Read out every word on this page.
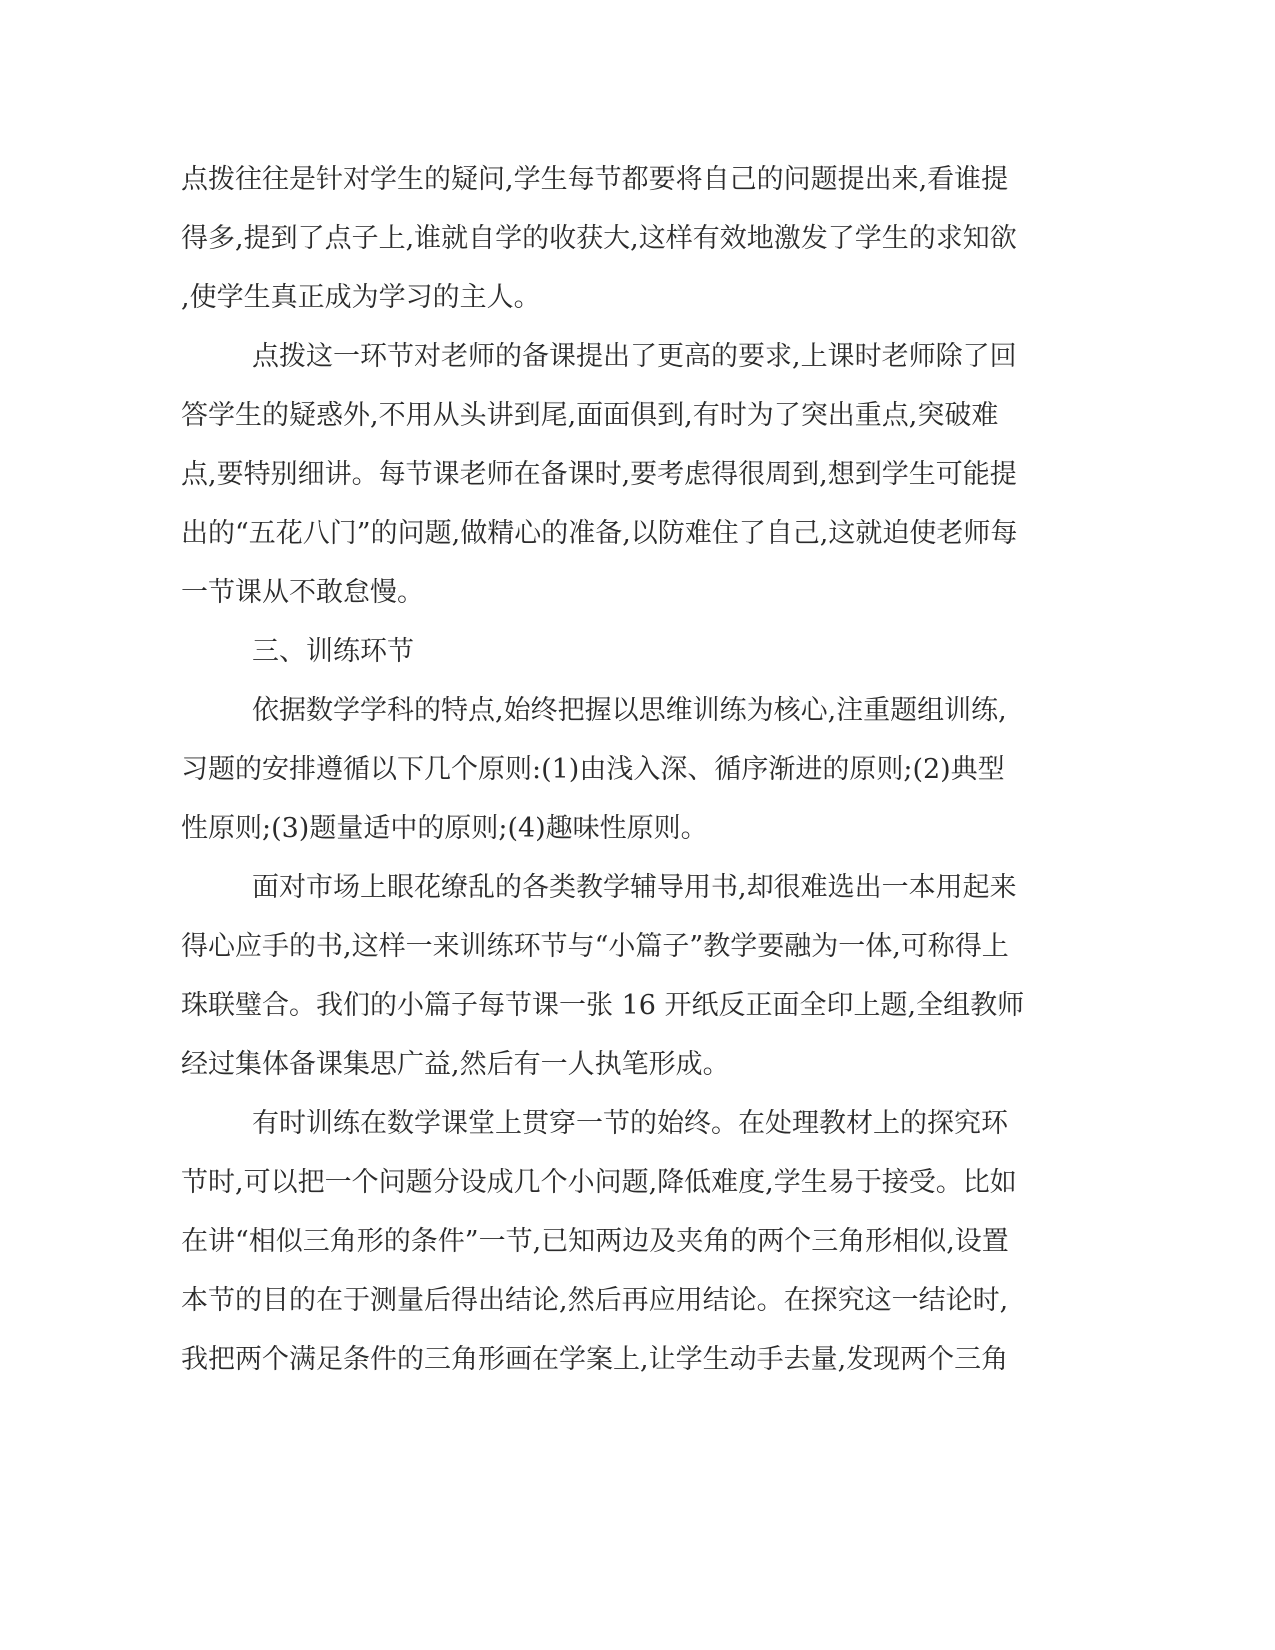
点拨往往是针对学生的疑问,学生每节都要将自己的问题提出来,看谁提
得多,提到了点子上,谁就自学的收获大,这样有效地激发了学生的求知欲
,使学生真正成为学习的主人。
点拨这一环节对老师的备课提出了更高的要求,上课时老师除了回
答学生的疑惑外,不用从头讲到尾,面面俱到,有时为了突出重点,突破难
点,要特别细讲。每节课老师在备课时,要考虑得很周到,想到学生可能提
出的“五花八门”的问题,做精心的准备,以防难住了自己,这就迫使老师每
一节课从不敢怠慢。
三、训练环节
依据数学学科的特点,始终把握以思维训练为核心,注重题组训练,
习题的安排遵循以下几个原则:(1)由浅入深、循序渐进的原则;(2)典型
性原则;(3)题量适中的原则;(4)趣味性原则。
面对市场上眼花缭乱的各类教学辅导用书,却很难选出一本用起来
得心应手的书,这样一来训练环节与“小篇子”教学要融为一体,可称得上
珠联璧合。我们的小篇子每节课一张 16 开纸反正面全印上题,全组教师
经过集体备课集思广益,然后有一人执笔形成。
有时训练在数学课堂上贯穿一节的始终。在处理教材上的探究环
节时,可以把一个问题分设成几个小问题,降低难度,学生易于接受。比如
在讲“相似三角形的条件”一节,已知两边及夹角的两个三角形相似,设置
本节的目的在于测量后得出结论,然后再应用结论。在探究这一结论时,
我把两个满足条件的三角形画在学案上,让学生动手去量,发现两个三角
